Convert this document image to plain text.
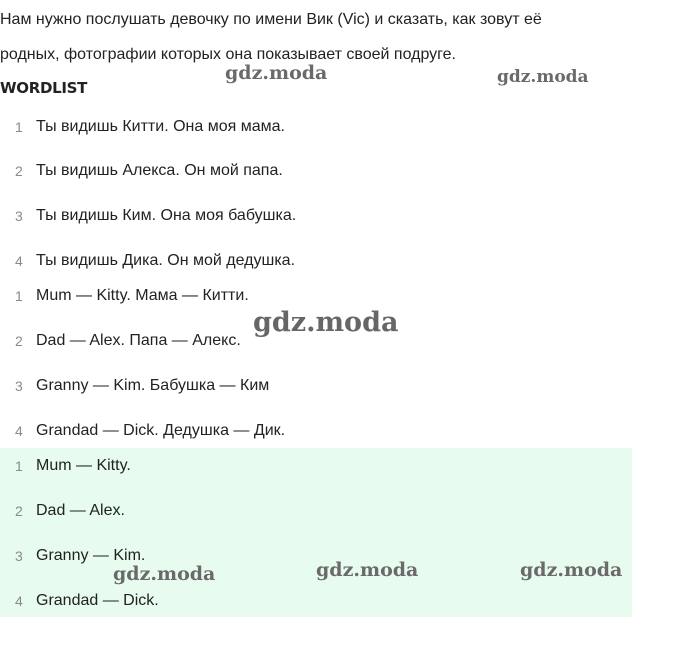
Нам нужно послушать девочку по имени Вик (Vic) и сказать, как зовут её
родных, фотографии которых она показывает своей подруге.
WORDLIST
1 Ты видишь Китти. Она моя мама.
2 Ты видишь Алекса. Он мой папа.
3 Ты видишь Ким. Она моя бабушка.
4 Ты видишь Дика. Он мой дедушка.
1 Mum — Kitty. Мама — Китти.
2 Dad — Alex. Папа — Алекс.
3 Granny — Kim. Бабушка — Ким
4 Grandad — Dick. Дедушка — Дик.
1 Mum — Kitty.
2 Dad — Alex.
3 Granny — Kim.
4 Grandad — Dick.
gdz.moda	gdz.moda
gdz.moda
gdz.moda	gdz.moda	gdz.moda
